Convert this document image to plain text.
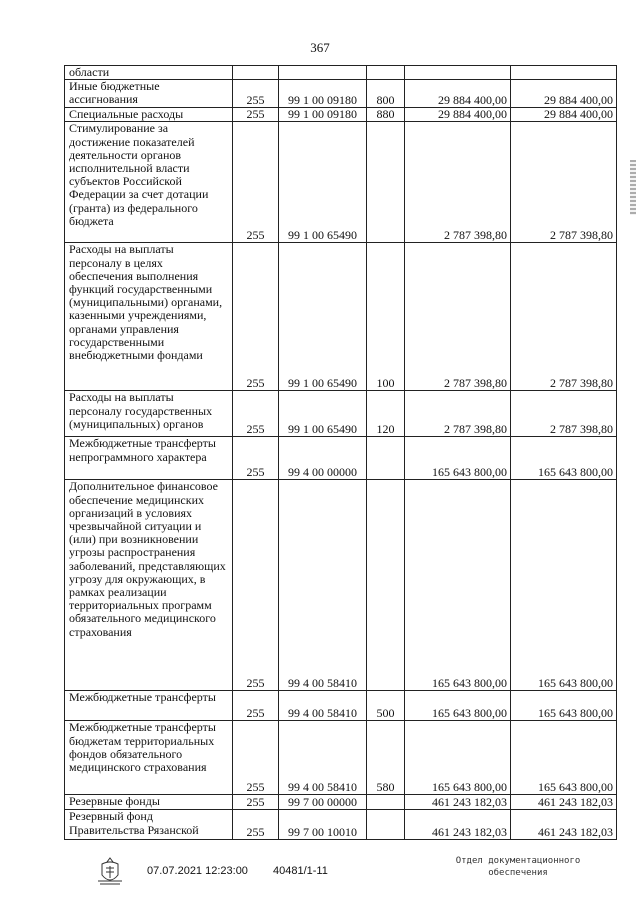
367
области					

Иные бюджетные ассигнования	255	99 1 00 09180	800	29 884 400,00	29 884 400,00

Специальные расходы	255	99 1 00 09180	880	29 884 400,00	29 884 400,00

Стимулирование за достижение показателей деятельности органов исполнительной власти субъектов Российской Федерации за счет дотации (гранта) из федерального бюджета	255	99 1 00 65490		2 787 398,80	2 787 398,80

Расходы на выплаты персоналу в целях обеспечения выполнения функций государственными (муниципальными) органами, казенными учреждениями, органами управления государственными внебюджетными фондами	255	99 1 00 65490	100	2 787 398,80	2 787 398,80

Расходы на выплаты персоналу государственных (муниципальных) органов	255	99 1 00 65490	120	2 787 398,80	2 787 398,80

Межбюджетные трансферты непрограммного характера	255	99 4 00 00000		165 643 800,00	165 643 800,00

Дополнительное финансовое обеспечение медицинских организаций в условиях чрезвычайной ситуации и (или) при возникновении угрозы распространения заболеваний, представляющих угрозу для окружающих, в рамках реализации территориальных программ обязательного медицинского страхования	255	99 4 00 58410		165 643 800,00	165 643 800,00

Межбюджетные трансферты	255	99 4 00 58410	500	165 643 800,00	165 643 800,00

Межбюджетные трансферты бюджетам территориальных фондов обязательного медицинского страхования	255	99 4 00 58410	580	165 643 800,00	165 643 800,00

Резервные фонды	255	99 7 00 00000		461 243 182,03	461 243 182,03

Резервный фонд Правительства Рязанской	255	99 7 00 10010		461 243 182,03	461 243 182,03
07.07.2021 12:23:00 40481/1-11
Отдел документационного
обеспечения
